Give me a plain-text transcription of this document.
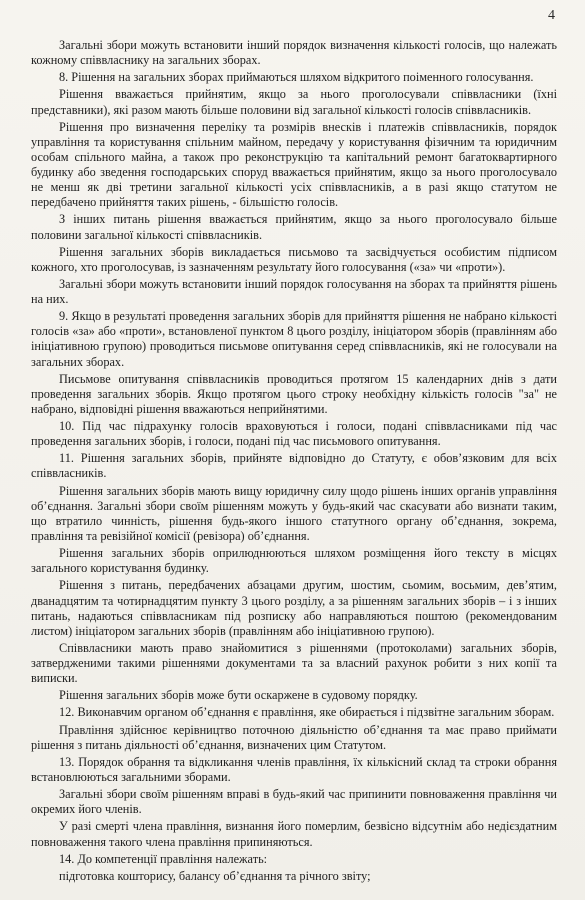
4

Загальні збори можуть встановити інший порядок визначення кількості голосів, що належать кожному співвласнику на загальних зборах.

8. Рішення на загальних зборах приймаються шляхом відкритого поіменного голосування.

Рішення вважається прийнятим, якщо за нього проголосували співвласники (їхні представники), які разом мають більше половини від загальної кількості голосів співвласників.

Рішення про визначення переліку та розмірів внесків і платежів співвласників, порядок управління та користування спільним майном, передачу у користування фізичним та юридичним особам спільного майна, а також про реконструкцію та капітальний ремонт багатоквартирного будинку або зведення господарських споруд вважається прийнятим, якщо за нього проголосувало не менш як дві третини загальної кількості усіх співвласників, а в разі якщо статутом не передбачено прийняття таких рішень, - більшістю голосів.

З інших питань рішення вважається прийнятим, якщо за нього проголосувало більше половини загальної кількості співвласників.

Рішення загальних зборів викладається письмово та засвідчується особистим підписом кожного, хто проголосував, із зазначенням результату його голосування («за» чи «проти»).

Загальні збори можуть встановити інший порядок голосування на зборах та прийняття рішень на них.

9. Якщо в результаті проведення загальних зборів для прийняття рішення не набрано кількості голосів «за» або «проти», встановленої пунктом 8 цього розділу, ініціатором зборів (правлінням або ініціативною групою) проводиться письмове опитування серед співвласників, які не голосували на загальних зборах.

Письмове опитування співвласників проводиться протягом 15 календарних днів з дати проведення загальних зборів. Якщо протягом цього строку необхідну кількість голосів "за" не набрано, відповідні рішення вважаються неприйнятими.

10. Під час підрахунку голосів враховуються і голоси, подані співвласниками під час проведення загальних зборів, і голоси, подані під час письмового опитування.

11. Рішення загальних зборів, прийняте відповідно до Статуту, є обов’язковим для всіх співвласників.

Рішення загальних зборів мають вищу юридичну силу щодо рішень інших органів управління об’єднання. Загальні збори своїм рішенням можуть у будь-який час скасувати або визнати таким, що втратило чинність, рішення будь-якого іншого статутного органу об’єднання, зокрема, правління та ревізійної комісії (ревізора) об’єднання.

Рішення загальних зборів оприлюднюються шляхом розміщення його тексту в місцях загального користування будинку.

Рішення з питань, передбачених абзацами другим, шостим, сьомим, восьмим, дев’ятим, дванадцятим та чотирнадцятим пункту 3 цього розділу, а за рішенням загальних зборів – і з інших питань, надаються співвласникам під розписку або направляються поштою (рекомендованим листом) ініціатором загальних зборів (правлінням або ініціативною групою).

Співвласники мають право знайомитися з рішеннями (протоколами) загальних зборів, затвердженими такими рішеннями документами та за власний рахунок робити з них копії та виписки.

Рішення загальних зборів може бути оскаржене в судовому порядку.

12. Виконавчим органом об’єднання є правління, яке обирається і підзвітне загальним зборам.

Правління здійснює керівництво поточною діяльністю об’єднання та має право приймати рішення з питань діяльності об’єднання, визначених цим Статутом.

13. Порядок обрання та відкликання членів правління, їх кількісний склад та строки обрання встановлюються загальними зборами.

Загальні збори своїм рішенням вправі в будь-який час припинити повноваження правління чи окремих його членів.

У разі смерті члена правління, визнання його померлим, безвісно відсутнім або недієздатним повноваження такого члена правління припиняються.

14. До компетенції правління належать:

підготовка кошторису, балансу об’єднання та річного звіту;
